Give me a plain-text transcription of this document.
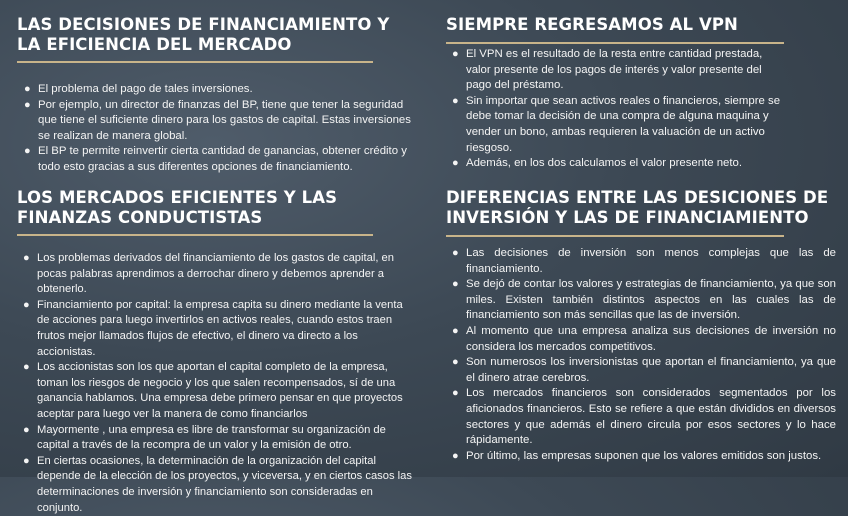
LAS DECISIONES DE FINANCIAMIENTO Y LA EFICIENCIA DEL MERCADO
● El problema del pago de tales inversiones.
● Por ejemplo, un director de finanzas del BP, tiene que tener la seguridad que tiene el suficiente dinero para los gastos de capital. Estas inversiones se realizan de manera global.
● El BP te permite reinvertir cierta cantidad de ganancias, obtener crédito y todo esto gracias a sus diferentes opciones de financiamiento.
SIEMPRE REGRESAMOS AL VPN
● El VPN es el resultado de la resta entre cantidad prestada, valor presente de los pagos de interés y valor presente del pago del préstamo.
● Sin importar que sean activos reales o financieros, siempre se debe tomar la decisión de una compra de alguna maquina y vender un bono, ambas requieren la valuación de un activo riesgoso.
● Además, en los dos calculamos el valor presente neto.
LOS MERCADOS EFICIENTES Y LAS FINANZAS CONDUCTISTAS
● Los problemas derivados del financiamiento de los gastos de capital, en pocas palabras aprendimos a derrochar dinero y debemos aprender a obtenerlo.
● Financiamiento por capital: la empresa capita su dinero mediante la venta de acciones para luego invertirlos en activos reales, cuando estos traen frutos mejor llamados flujos de efectivo, el dinero va directo a los accionistas.
● Los accionistas son los que aportan el capital completo de la empresa, toman los riesgos de negocio y los que salen recompensados, sí de una ganancia hablamos. Una empresa debe primero pensar en que proyectos aceptar para luego ver la manera de como financiarlos
● Mayormente , una empresa es libre de transformar su organización de capital a través de la recompra de un valor y la emisión de otro.
● En ciertas ocasiones, la determinación de la organización del capital depende de la elección de los proyectos, y viceversa, y en ciertos casos las determinaciones de inversión y financiamiento son consideradas en conjunto.
DIFERENCIAS ENTRE LAS DESICIONES DE INVERSIÓN Y LAS DE FINANCIAMIENTO
● Las decisiones de inversión son menos complejas que las de financiamiento.
● Se dejó de contar los valores y estrategias de financiamiento, ya que son miles. Existen también distintos aspectos en las cuales las de financiamiento son más sencillas que las de inversión.
● Al momento que una empresa analiza sus decisiones de inversión no considera los mercados competitivos.
● Son numerosos los inversionistas que aportan el financiamiento, ya que el dinero atrae cerebros.
● Los mercados financieros son considerados segmentados por los aficionados financieros. Esto se refiere a que están divididos en diversos sectores y que además el dinero circula por esos sectores y lo hace rápidamente.
● Por último, las empresas suponen que los valores emitidos son justos.
